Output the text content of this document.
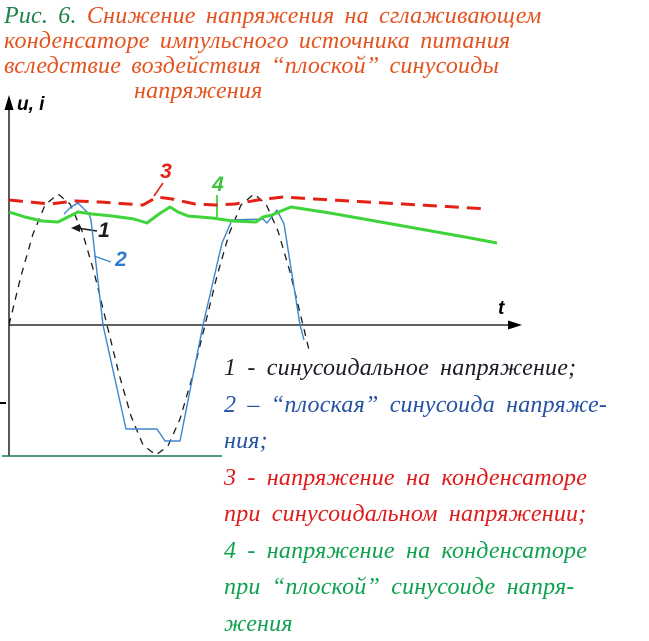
Рис. 6. Снижение напряжения на сглаживающем
конденсаторе импульсного источника питания
вследствие воздействия “плоской” синусоиды
напряжения
u, i
t
1
2
3
4
1 - синусоидальное напряжение;
2 – “плоская” синусоида напряже-
ния;
3 - напряжение на конденсаторе
при синусоидальном напряжении;
4 - напряжение на конденсаторе
при “плоской” синусоиде напря-
жения
